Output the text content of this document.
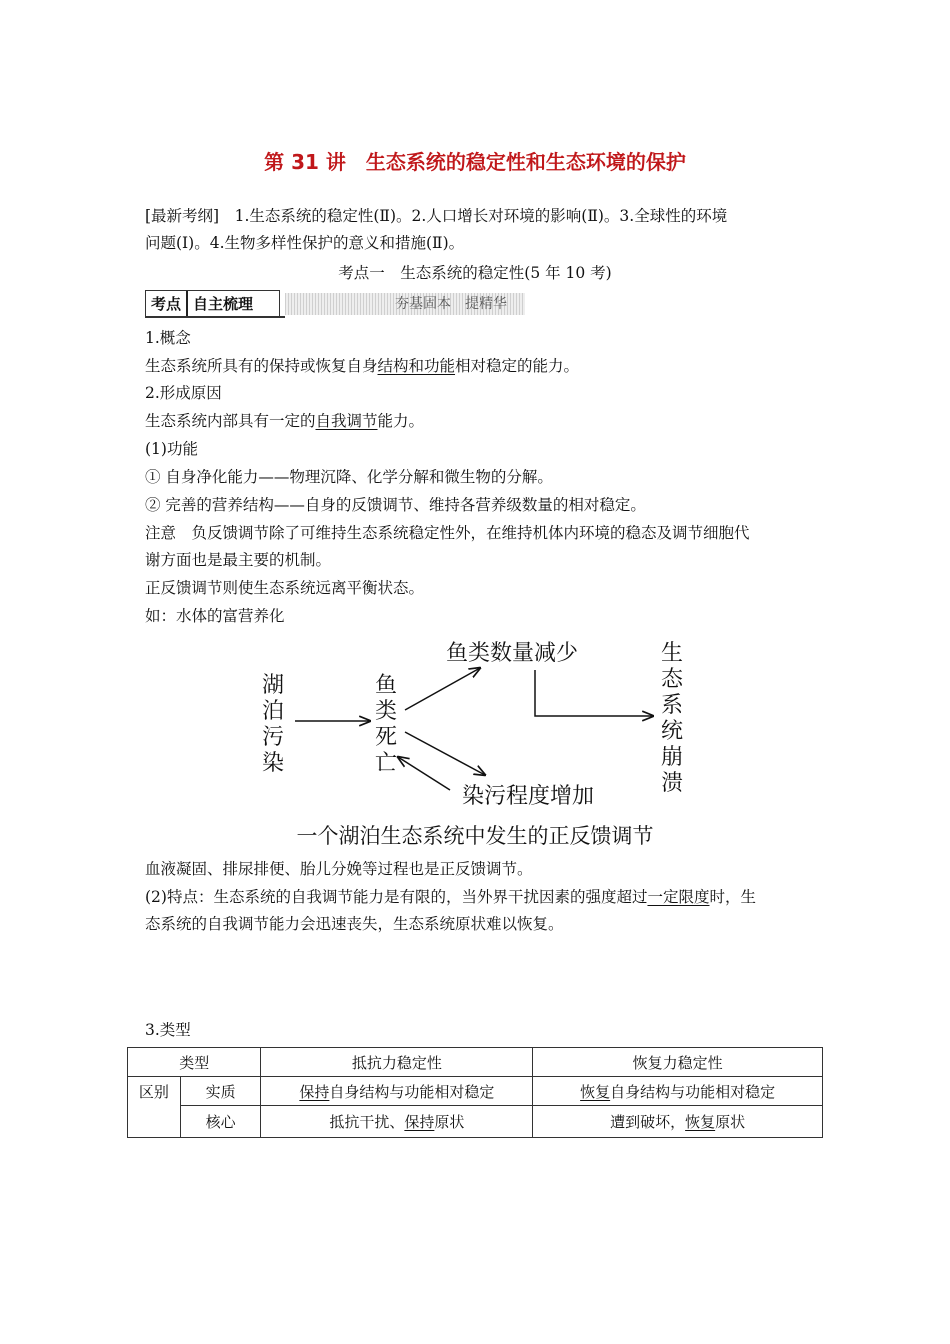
第 31 讲　生态系统的稳定性和生态环境的保护
[最新考纲]　1.生态系统的稳定性(Ⅱ)。2.人口增长对环境的影响(Ⅱ)。3.全球性的环境
问题(Ⅰ)。4.生物多样性保护的意义和措施(Ⅱ)。
考点一　生态系统的稳定性(5 年 10 考)
考点 自主梳理	夯基固本　提精华
1.概念
生态系统所具有的保持或恢复自身结构和功能相对稳定的能力。
2.形成原因
生态系统内部具有一定的自我调节能力。
(1)功能
① 自身净化能力——物理沉降、化学分解和微生物的分解。
② 完善的营养结构——自身的反馈调节、维持各营养级数量的相对稳定。
注意　负反馈调节除了可维持生态系统稳定性外，在维持机体内环境的稳态及调节细胞代
谢方面也是最主要的机制。
正反馈调节则使生态系统远离平衡状态。
如：水体的富营养化
湖
泊
污
染
鱼
类
死
亡
鱼类数量减少
染污程度增加
生
态
系
统
崩
溃
一个湖泊生态系统中发生的正反馈调节
血液凝固、排尿排便、胎儿分娩等过程也是正反馈调节。
(2)特点：生态系统的自我调节能力是有限的，当外界干扰因素的强度超过一定限度时，生
态系统的自我调节能力会迅速丧失，生态系统原状难以恢复。
3.类型
类型		抵抗力稳定性	恢复力稳定性
区别	实质	保持自身结构与功能相对稳定	恢复自身结构与功能相对稳定
	核心	抵抗干扰、保持原状	遭到破坏，恢复原状
